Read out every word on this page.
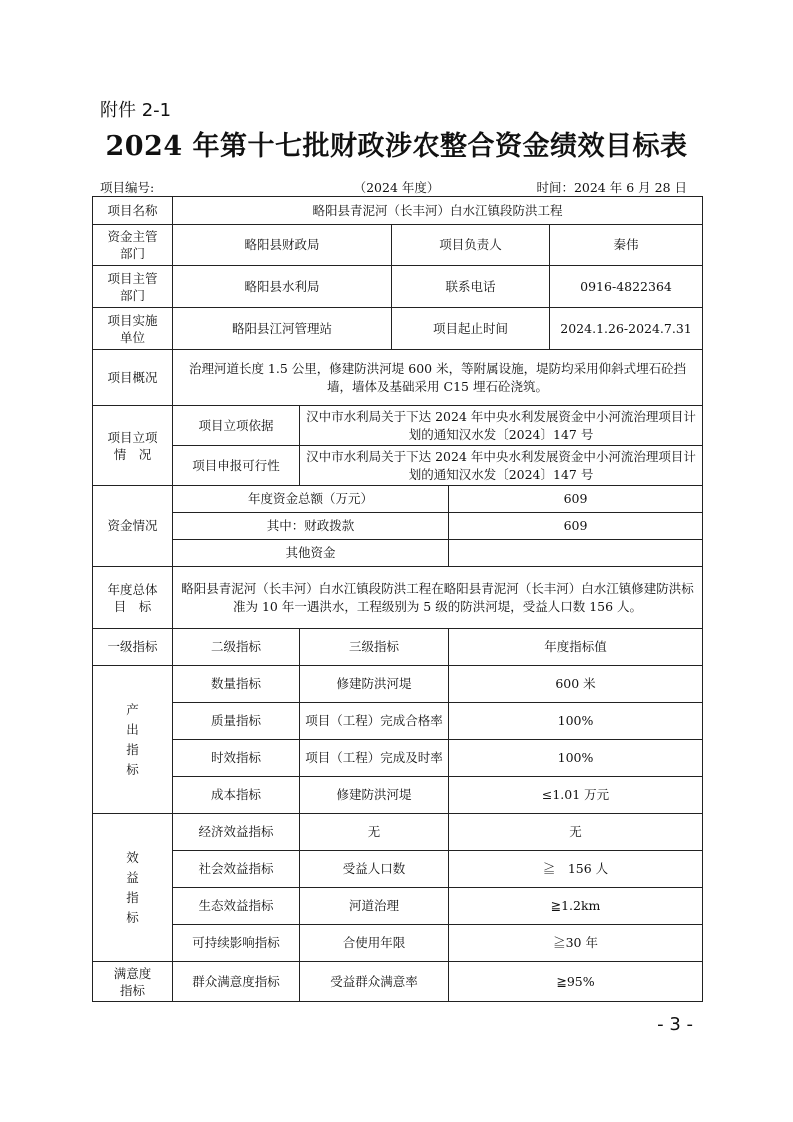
附件 2-1
2024 年第十七批财政涉农整合资金绩效目标表
项目编号:	（2024 年度）	时间：2024 年 6 月 28 日
项目名称	略阳县青泥河（长丰河）白水江镇段防洪工程				

资金主管
部门	略阳县财政局		项目负责人		秦伟

项目主管
部门	略阳县水利局		联系电话		0916-4822364

项目实施
单位	略阳县江河管理站		项目起止时间		2024.1.26-2024.7.31
项目概况	治理河道长度 1.5 公里，修建防洪河堤 600 米，等附属设施，堤防均采用仰斜式埋石砼挡墙，墙体及基础采用 C15 埋石砼浇筑。				

项目立项
情　况	项目立项依据	汉中市水利局关于下达 2024 年中央水利发展资金中小河流治理项目计划的通知汉水发〔2024〕147 号			
	项目申报可行性	汉中市水利局关于下达 2024 年中央水利发展资金中小河流治理项目计划的通知汉水发〔2024〕147 号			
资金情况	年度资金总额（万元）			609	
	其中：财政拨款			609	
	其他资金				

年度总体
目　标	略阳县青泥河（长丰河）白水江镇段防洪工程在略阳县青泥河（长丰河）白水江镇修建防洪标准为 10 年一遇洪水，工程级别为 5 级的防洪河堤，受益人口数 156 人。				
一级指标	二级指标	三级指标		年度指标值	

产
出
指
标	数量指标	修建防洪河堤		600 米	
	质量指标	项目（工程）完成合格率		100%	
	时效指标	项目（工程）完成及时率		100%	
	成本指标	修建防洪河堤		≤1.01 万元	

效
益
指
标	经济效益指标	无		无	
	社会效益指标	受益人口数		≧　156 人	
	生态效益指标	河道治理		≧1.2km	
	可持续影响指标	合使用年限		≧30 年	

满意度
指标	群众满意度指标	受益群众满意率		≧95%	
- 3 -
